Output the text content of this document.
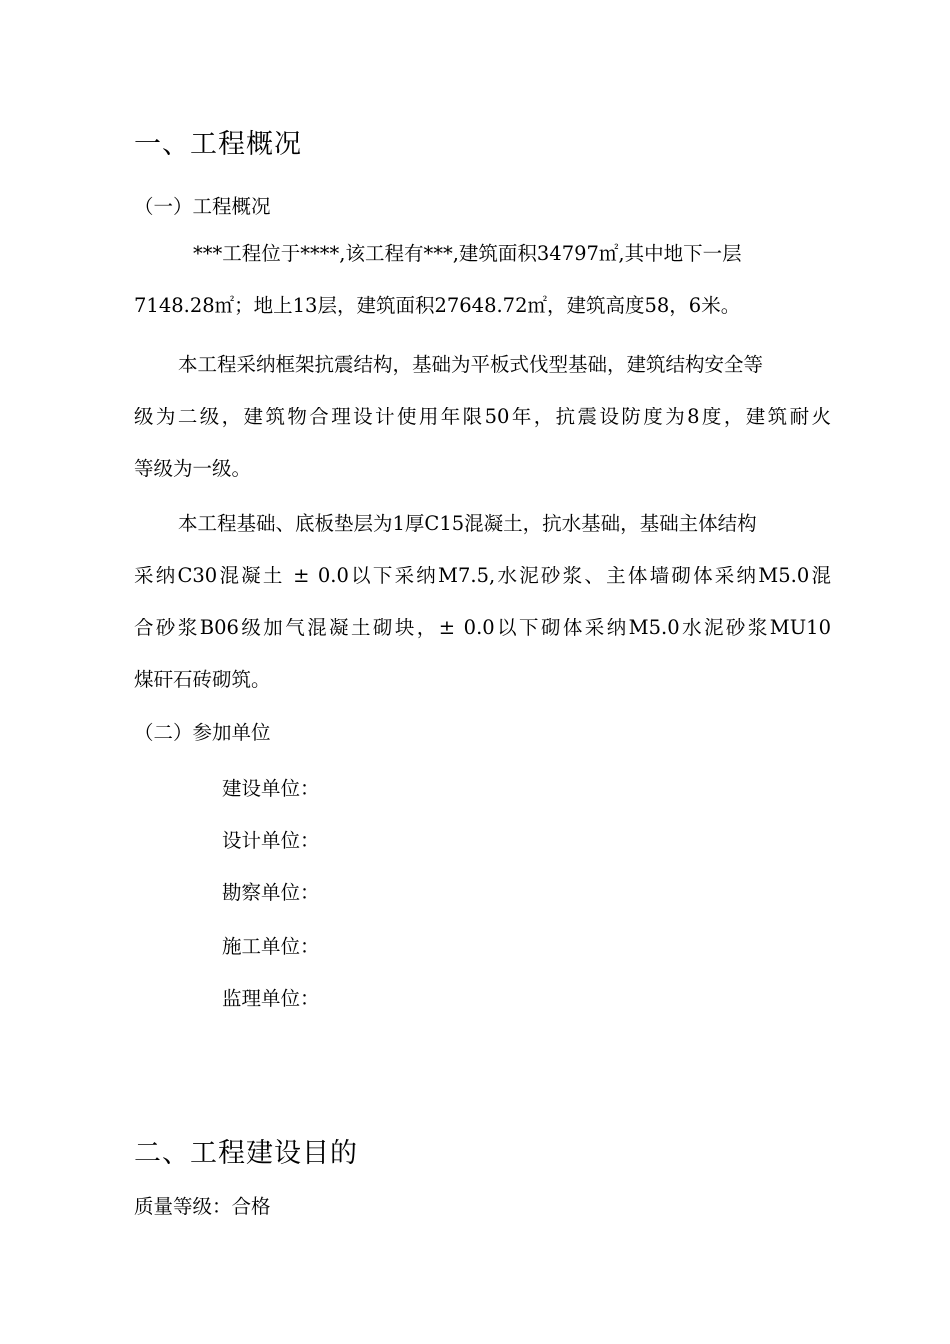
一、工程概况
（一）工程概况

***工程位于****,该工程有***,建筑面积34797㎡,其中地下一层

7148.28㎡；地上13层，建筑面积27648.72㎡，建筑高度58，6米。

本工程采纳框架抗震结构，基础为平板式伐型基础，建筑结构安全等

级为二级，建筑物合理设计使用年限50年，抗震设防度为8度，建筑耐火

等级为一级。

本工程基础、底板垫层为1厚C15混凝土，抗水基础，基础主体结构

采纳C30混凝土 ± 0.0以下采纳M7.5,水泥砂浆、主体墙砌体采纳M5.0混

合砂浆B06级加气混凝土砌块，± 0.0以下砌体采纳M5.0水泥砂浆MU10

煤矸石砖砌筑。

（二）参加单位

建设单位：

设计单位：

勘察单位：

施工单位：

监理单位：

二、工程建设目的

质量等级：合格
